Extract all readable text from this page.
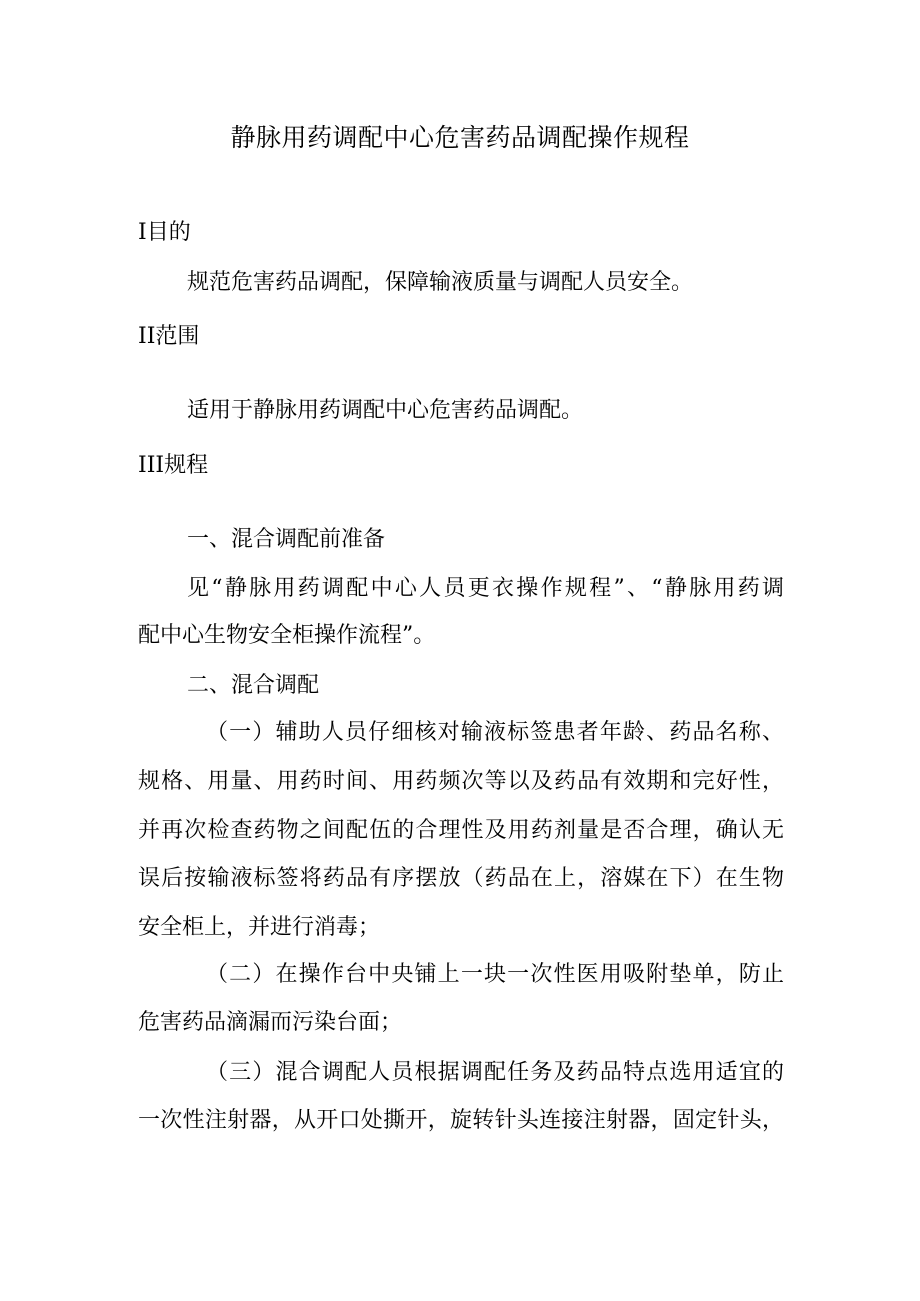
静脉用药调配中心危害药品调配操作规程
I目的
规范危害药品调配，保障输液质量与调配人员安全。
II范围
适用于静脉用药调配中心危害药品调配。
III规程
一、混合调配前准备
见“静脉用药调配中心人员更衣操作规程”、“静脉用药调
配中心生物安全柜操作流程”。
二、混合调配
（一）辅助人员仔细核对输液标签患者年龄、药品名称、
规格、用量、用药时间、用药频次等以及药品有效期和完好性，
并再次检查药物之间配伍的合理性及用药剂量是否合理，确认无
误后按输液标签将药品有序摆放（药品在上，溶媒在下）在生物
安全柜上，并进行消毒；
（二）在操作台中央铺上一块一次性医用吸附垫单，防止
危害药品滴漏而污染台面；
（三）混合调配人员根据调配任务及药品特点选用适宜的
一次性注射器，从开口处撕开，旋转针头连接注射器，固定针头，
